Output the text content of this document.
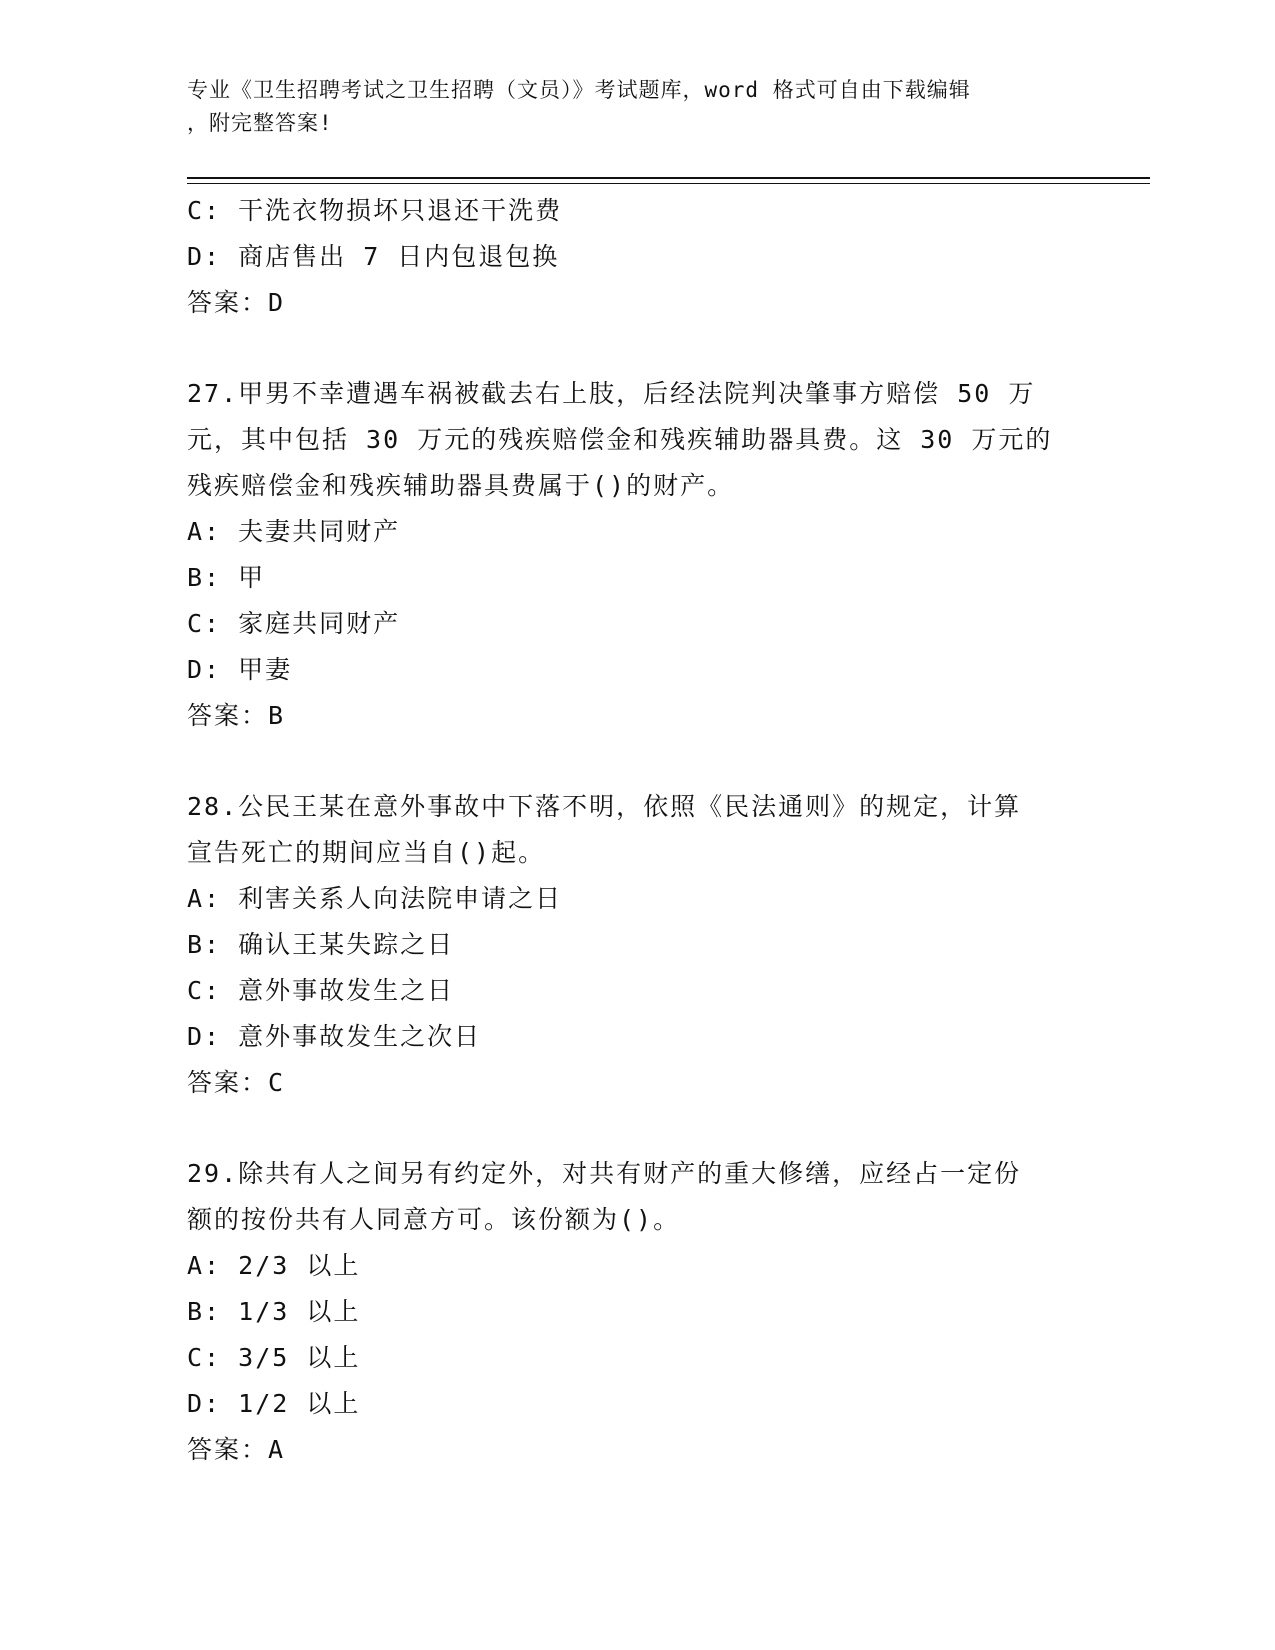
专业《卫生招聘考试之卫生招聘（文员）》考试题库，word 格式可自由下载编辑
，附完整答案!
C: 干洗衣物损坏只退还干洗费
D: 商店售出 7 日内包退包换
答案：D
27.甲男不幸遭遇车祸被截去右上肢，后经法院判决肇事方赔偿 50 万
元，其中包括 30 万元的残疾赔偿金和残疾辅助器具费。这 30 万元的
残疾赔偿金和残疾辅助器具费属于()的财产。
A: 夫妻共同财产
B: 甲
C: 家庭共同财产
D: 甲妻
答案：B
28.公民王某在意外事故中下落不明，依照《民法通则》的规定，计算
宣告死亡的期间应当自()起。
A: 利害关系人向法院申请之日
B: 确认王某失踪之日
C: 意外事故发生之日
D: 意外事故发生之次日
答案：C
29.除共有人之间另有约定外，对共有财产的重大修缮，应经占一定份
额的按份共有人同意方可。该份额为()。
A: 2/3 以上
B: 1/3 以上
C: 3/5 以上
D: 1/2 以上
答案：A
